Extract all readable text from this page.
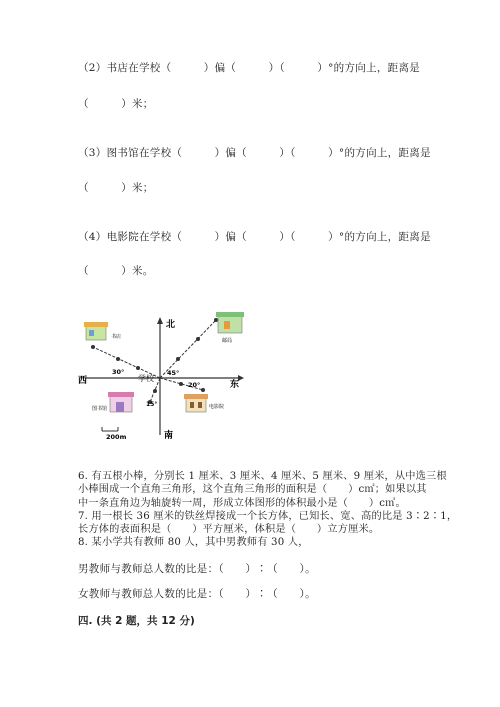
（2）书店在学校（　　　）偏（　　　）（　　　）°的方向上，距离是
（　　　）米；
（3）图书馆在学校（　　　）偏（　　　）（　　　）°的方向上，距离是
（　　　）米；
（4）电影院在学校（　　　）偏（　　　）（　　　）°的方向上，距离是
（　　　）米。
北
南
东
西
书店
邮局
图书馆	电影院
学校
30°	45°
20°
15°
200m
6. 有五根小棒，分别长 1 厘米、3 厘米、4 厘米、5 厘米、9 厘米，从中选三根
小棒围成一个直角三角形，这个直角三角形的面积是（　　）c㎡；如果以其
中一条直角边为轴旋转一周，形成立体图形的体积最小是（　　）c㎥。
7. 用一根长 36 厘米的铁丝焊接成一个长方体，已知长、宽、高的比是 3∶2∶1，
长方体的表面积是（　　）平方厘米，体积是（　　）立方厘米。
8. 某小学共有教师 80 人，其中男教师有 30 人，
男教师与教师总人数的比是：（　　）∶（　　）。
女教师与教师总人数的比是：（　　）∶（　　）。
四. (共 2 题，共 12 分)
